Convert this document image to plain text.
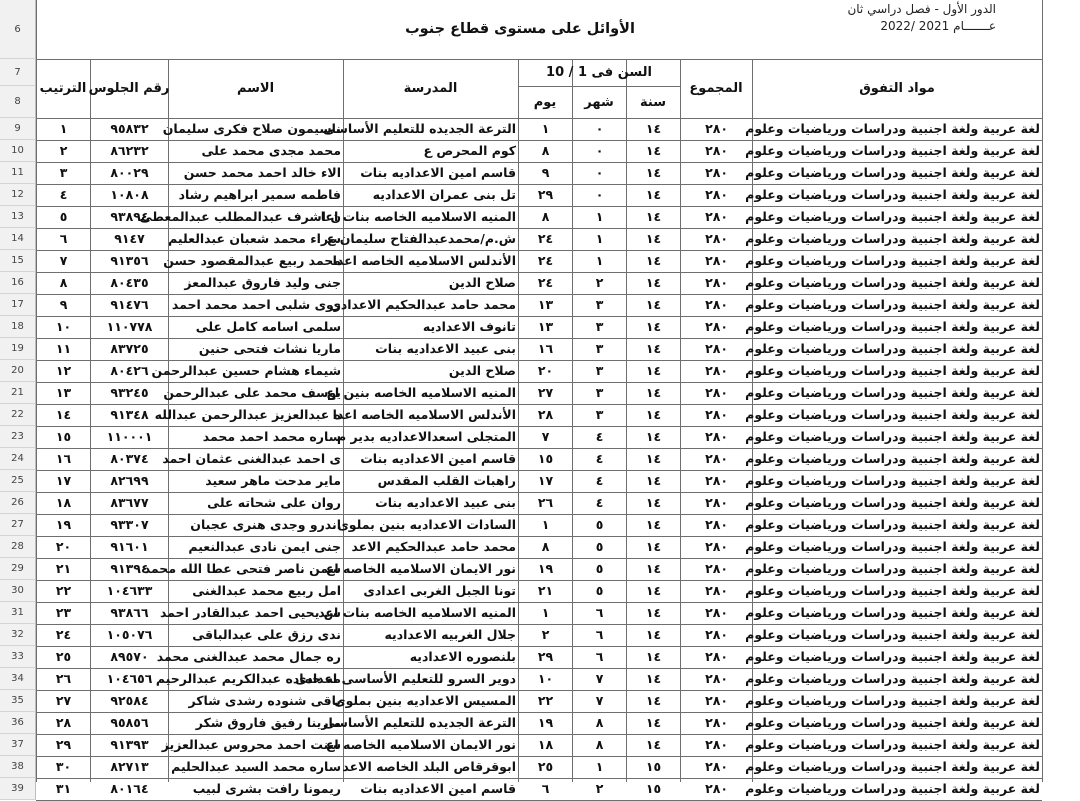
6
7
8
9
10
11
12
13
14
15
16
17
18
19
20
21
22
23
24
25
26
27
28
29
30
31
32
33
34
35
36
37
38
39
الدور الأول - فصل دراسي ثان
عـــــــام 2021 /2022
الأوائل على مستوى قطاع جنوب
مواد التفوق
المجموع
السن فى 1 / 10
سنة
شهر
يوم
المدرسة
الاسم
رقم الجلوس
الترتيب
لغة عربية ولغة اجنبية ودراسات ورياضيات وعلوم
٢٨٠
١٤
٠
١
الترعة الجديده للتعليم الأساسى
ناسيمون صلاح فكرى سليمان
٩٥٨٣٢
١
لغة عربية ولغة اجنبية ودراسات ورياضيات وعلوم
٢٨٠
١٤
٠
٨
كوم المحرص ع
محمد مجدى محمد على
٨٦٢٣٢
٢
لغة عربية ولغة اجنبية ودراسات ورياضيات وعلوم
٢٨٠
١٤
٠
٩
قاسم امين الاعداديه بنات
الاء خالد احمد محمد حسن
٨٠٠٢٩
٣
لغة عربية ولغة اجنبية ودراسات ورياضيات وعلوم
٢٨٠
١٤
٠
٢٩
تل بنى عمران الاعداديه
فاطمه سمير ابراهيم رشاد
١٠٨٠٨
٤
لغة عربية ولغة اجنبية ودراسات ورياضيات وعلوم
٢٨٠
١٤
١
٨
المنيه الاسلاميه الخاصه بنات اعا
ن اشرف عبدالمطلب عبدالمعطى
٩٣٨٩٤
٥
لغة عربية ولغة اجنبية ودراسات ورياضيات وعلوم
٢٨٠
١٤
١
٢٤
ش.م/محمدعبدالفتاح سليمان ع
سراء محمد شعبان عبدالعليم
٩١٤٧
٦
لغة عربية ولغة اجنبية ودراسات ورياضيات وعلوم
٢٨٠
١٤
١
٢٤
الأندلس الاسلاميه الخاصه اعدا
محمد ربيع عبدالمقصود حسن
٩١٣٥٦
٧
لغة عربية ولغة اجنبية ودراسات ورياضيات وعلوم
٢٨٠
١٤
٢
٢٤
صلاح الدين
جنى وليد فاروق عبدالمعز
٨٠٤٣٥
٨
لغة عربية ولغة اجنبية ودراسات ورياضيات وعلوم
٢٨٠
١٤
٣
١٣
محمد حامد عبدالحكيم الاعدادى
روى شلبى احمد محمد احمد
٩١٤٧٦
٩
لغة عربية ولغة اجنبية ودراسات ورياضيات وعلوم
٢٨٠
١٤
٣
١٣
تانوف الاعداديه
سلمى اسامه كامل على
١١٠٧٧٨
١٠
لغة عربية ولغة اجنبية ودراسات ورياضيات وعلوم
٢٨٠
١٤
٣
١٦
بنى عبيد الاعداديه بنات
ماريا نشات فتحى حنين
٨٣٧٢٥
١١
لغة عربية ولغة اجنبية ودراسات ورياضيات وعلوم
٢٨٠
١٤
٣
٢٠
صلاح الدين
شيماء هشام حسين عبدالرحمن
٨٠٤٢٦
١٢
لغة عربية ولغة اجنبية ودراسات ورياضيات وعلوم
٢٨٠
١٤
٣
٢٧
المنيه الاسلاميه الخاصه بنين اع
يوسف محمد على عبدالرحمن
٩٣٢٤٥
١٣
لغة عربية ولغة اجنبية ودراسات ورياضيات وعلوم
٢٨٠
١٤
٣
٢٨
الأندلس الاسلاميه الخاصه اعدا
ه عبدالعزيز عبدالرحمن عبدالله
٩١٣٤٨
١٤
لغة عربية ولغة اجنبية ودراسات ورياضيات وعلوم
٢٨٠
١٤
٤
٧
المتجلى اسعدالاعداديه بدير م
ساره محمد احمد محمد
١١٠٠٠١
١٥
لغة عربية ولغة اجنبية ودراسات ورياضيات وعلوم
٢٨٠
١٤
٤
١٥
قاسم امين الاعداديه بنات
ى احمد عبدالغنى عثمان احمد
٨٠٣٧٤
١٦
لغة عربية ولغة اجنبية ودراسات ورياضيات وعلوم
٢٨٠
١٤
٤
١٧
راهبات القلب المقدس
ماير مدحت ماهر سعيد
٨٢٦٩٩
١٧
لغة عربية ولغة اجنبية ودراسات ورياضيات وعلوم
٢٨٠
١٤
٤
٢٦
بنى عبيد الاعداديه بنات
روان على شحاته على
٨٣٦٧٧
١٨
لغة عربية ولغة اجنبية ودراسات ورياضيات وعلوم
٢٨٠
١٤
٥
١
السادات الاعداديه بنين بملوى
اندرو وجدى هنرى عجبان
٩٣٣٠٧
١٩
لغة عربية ولغة اجنبية ودراسات ورياضيات وعلوم
٢٨٠
١٤
٥
٨
محمد حامد عبدالحكيم الاعد
جنى ايمن نادى عبدالنعيم
٩١٦٠١
٢٠
لغة عربية ولغة اجنبية ودراسات ورياضيات وعلوم
٢٨٠
١٤
٥
١٩
نور الايمان الاسلاميه الخاصه اع
سمن ناصر فتحى عطا الله محمد
٩١٣٩٤
٢١
لغة عربية ولغة اجنبية ودراسات ورياضيات وعلوم
٢٨٠
١٤
٥
٢١
تونا الجبل الغربى اعدادى
امل ربيع محمد عبدالغنى
١٠٤٦٣٣
٢٢
لغة عربية ولغة اجنبية ودراسات ورياضيات وعلوم
٢٨٠
١٤
٦
١
المنيه الاسلاميه الخاصه بنات اعد
س يحيى احمد عبدالقادر احمد
٩٣٨٦٦
٢٣
لغة عربية ولغة اجنبية ودراسات ورياضيات وعلوم
٢٨٠
١٤
٦
٢
جلال الغربيه الاعداديه
ندى رزق على عبدالباقى
١٠٥٠٧٦
٢٤
لغة عربية ولغة اجنبية ودراسات ورياضيات وعلوم
٢٨٠
١٤
٦
٢٩
بلنصوره الاعداديه
ره جمال محمد عبدالغنى محمد
٨٩٥٧٠
٢٥
لغة عربية ولغة اجنبية ودراسات ورياضيات وعلوم
٢٨٠
١٤
٧
١٠
دوير السرو للتعليم الأساسى اعدادى
مه حماده عبدالكريم عبدالرحيم
١٠٤٦٥٦
٢٦
لغة عربية ولغة اجنبية ودراسات ورياضيات وعلوم
٢٨٠
١٤
٧
٢٢
المسيس الاعداديه بنين بملوى
باقى شنوده رشدى شاكر
٩٢٥٨٤
٢٧
لغة عربية ولغة اجنبية ودراسات ورياضيات وعلوم
٢٨٠
١٤
٨
١٩
الترعة الجديده للتعليم الأساسى
مارينا رفيق فاروق شكر
٩٥٨٥٦
٢٨
لغة عربية ولغة اجنبية ودراسات ورياضيات وعلوم
٢٨٠
١٤
٨
١٨
نور الايمان الاسلاميه الخاصه اع
سنت احمد محروس عبدالعزيز
٩١٣٩٣
٢٩
لغة عربية ولغة اجنبية ودراسات ورياضيات وعلوم
٢٨٠
١٥
١
٢٥
ابوقرقاص البلد الخاصه الاعد
ساره محمد السيد عبدالحليم
٨٢٧١٣
٣٠
لغة عربية ولغة اجنبية ودراسات ورياضيات وعلوم
٢٨٠
١٥
٢
٦
قاسم امين الاعداديه بنات
ريمونا رافت بشرى لبيب
٨٠١٦٤
٣١
